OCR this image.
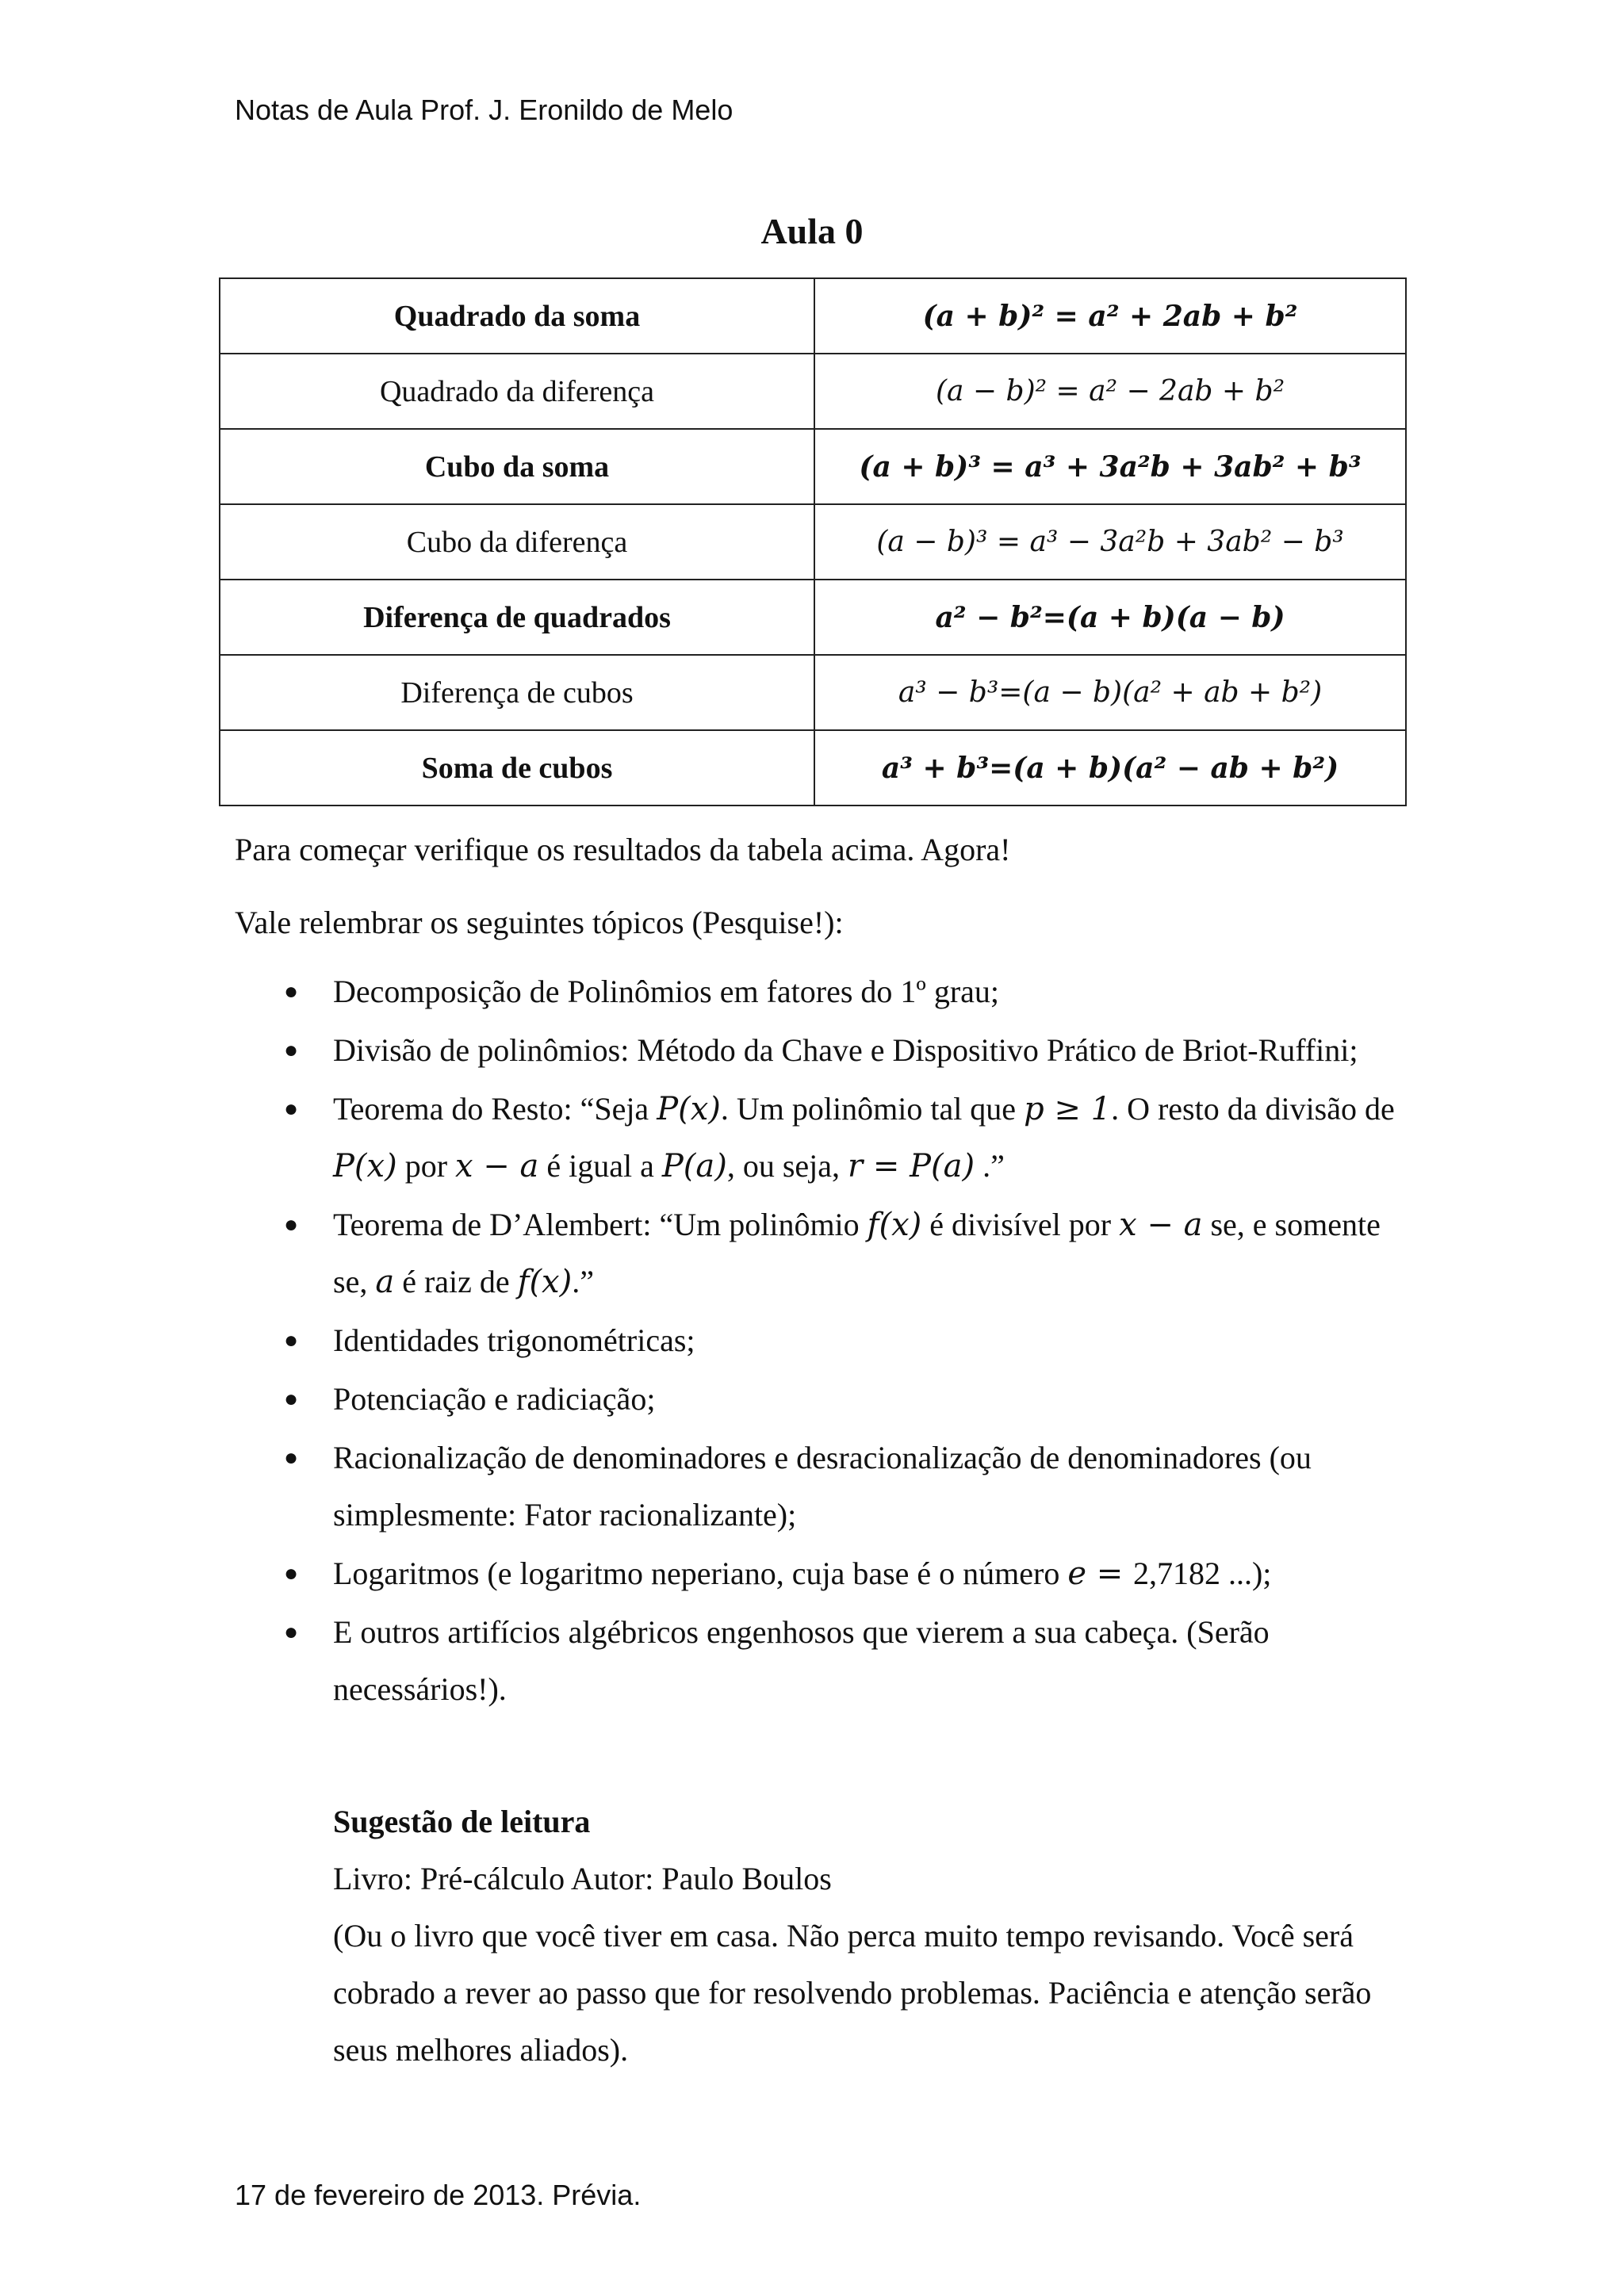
Notas de Aula Prof. J. Eronildo de Melo
Aula 0
Quadrado da soma	(a + b)² = a² + 2ab + b²
Quadrado da diferença	(a − b)² = a² − 2ab + b²
Cubo da soma	(a + b)³ = a³ + 3a²b + 3ab² + b³
Cubo da diferença	(a − b)³ = a³ − 3a²b + 3ab² − b³
Diferença de quadrados	a² − b²=(a + b)(a − b)
Diferença de cubos	a³ − b³=(a − b)(a² + ab + b²)
Soma de cubos	a³ + b³=(a + b)(a² − ab + b²)
Para começar verifique os resultados da tabela acima. Agora!
Vale relembrar os seguintes tópicos (Pesquise!):
● Decomposição de Polinômios em fatores do 1º grau;
● Divisão de polinômios: Método da Chave e Dispositivo Prático de Briot-Ruffini;
● Teorema do Resto: “Seja P(x). Um polinômio tal que p ≥ 1. O resto da divisão de P(x) por x − a é igual a P(a), ou seja, r = P(a) .”
● Teorema de D’Alembert: “Um polinômio f(x) é divisível por x − a se, e somente se, a é raiz de f(x).”
● Identidades trigonométricas;
● Potenciação e radiciação;
● Racionalização de denominadores e desracionalização de denominadores (ou simplesmente: Fator racionalizante);
● Logaritmos (e logaritmo neperiano, cuja base é o número e = 2,7182 ...);
● E outros artifícios algébricos engenhosos que vierem a sua cabeça. (Serão necessários!).
Sugestão de leitura
Livro: Pré-cálculo Autor: Paulo Boulos
(Ou o livro que você tiver em casa. Não perca muito tempo revisando. Você será cobrado a rever ao passo que for resolvendo problemas. Paciência e atenção serão seus melhores aliados).
17 de fevereiro de 2013. Prévia.
